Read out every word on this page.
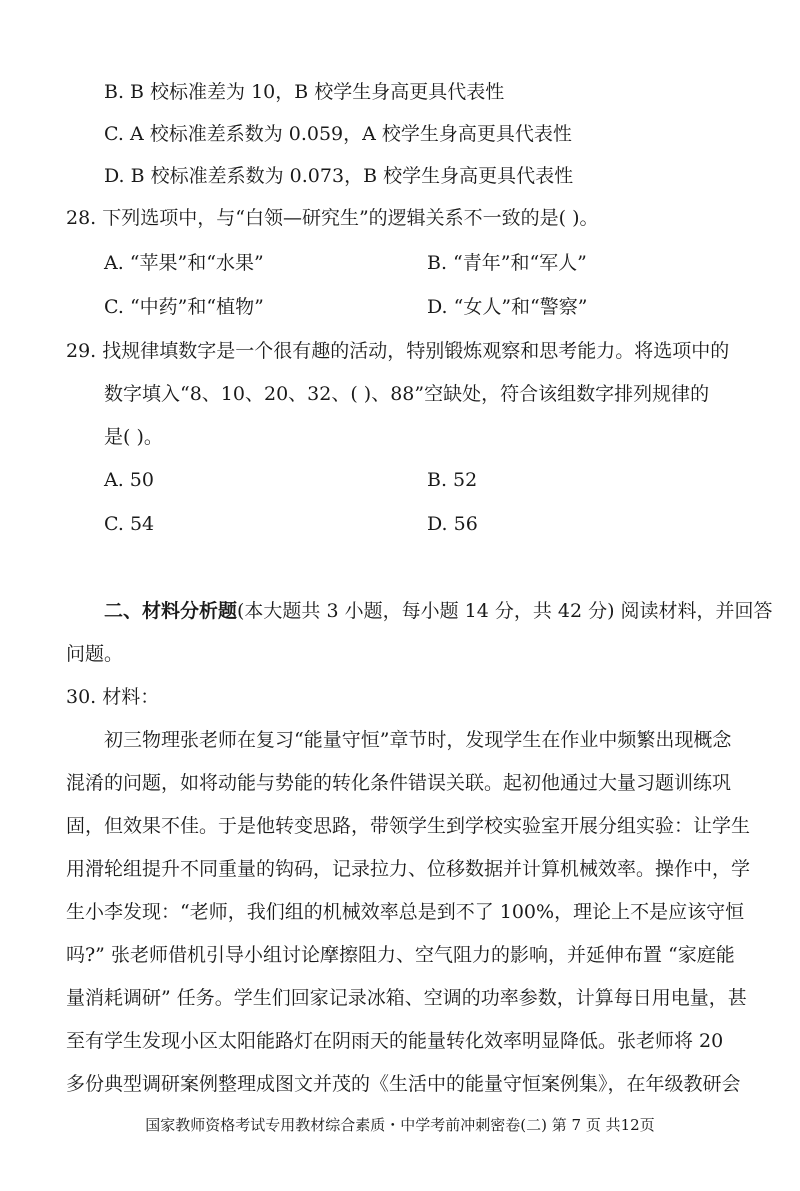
B. B 校标准差为 10，B 校学生身高更具代表性
C. A 校标准差系数为 0.059，A 校学生身高更具代表性
D. B 校标准差系数为 0.073，B 校学生身高更具代表性
28. 下列选项中，与“白领—研究生”的逻辑关系不一致的是( )。
A. “苹果”和“水果”	B. “青年”和“军人”
C. “中药”和“植物”	D. “女人”和“警察”
29. 找规律填数字是一个很有趣的活动，特别锻炼观察和思考能力。将选项中的
数字填入“8、10、20、32、( )、88”空缺处，符合该组数字排列规律的
是( )。
A. 50	B. 52
C. 54	D. 56
二、材料分析题(本大题共 3 小题，每小题 14 分，共 42 分) 阅读材料，并回答
问题。
30. 材料：
初三物理张老师在复习“能量守恒”章节时，发现学生在作业中频繁出现概念
混淆的问题，如将动能与势能的转化条件错误关联。起初他通过大量习题训练巩
固，但效果不佳。于是他转变思路，带领学生到学校实验室开展分组实验：让学生
用滑轮组提升不同重量的钩码，记录拉力、位移数据并计算机械效率。操作中，学
生小李发现：“老师，我们组的机械效率总是到不了 100%，理论上不是应该守恒
吗?” 张老师借机引导小组讨论摩擦阻力、空气阻力的影响，并延伸布置 “家庭能
量消耗调研” 任务。学生们回家记录冰箱、空调的功率参数，计算每日用电量，甚
至有学生发现小区太阳能路灯在阴雨天的能量转化效率明显降低。张老师将 20
多份典型调研案例整理成图文并茂的《生活中的能量守恒案例集》，在年级教研会
国家教师资格考试专用教材综合素质・中学考前冲刺密卷(二) 第 7 页 共12页
